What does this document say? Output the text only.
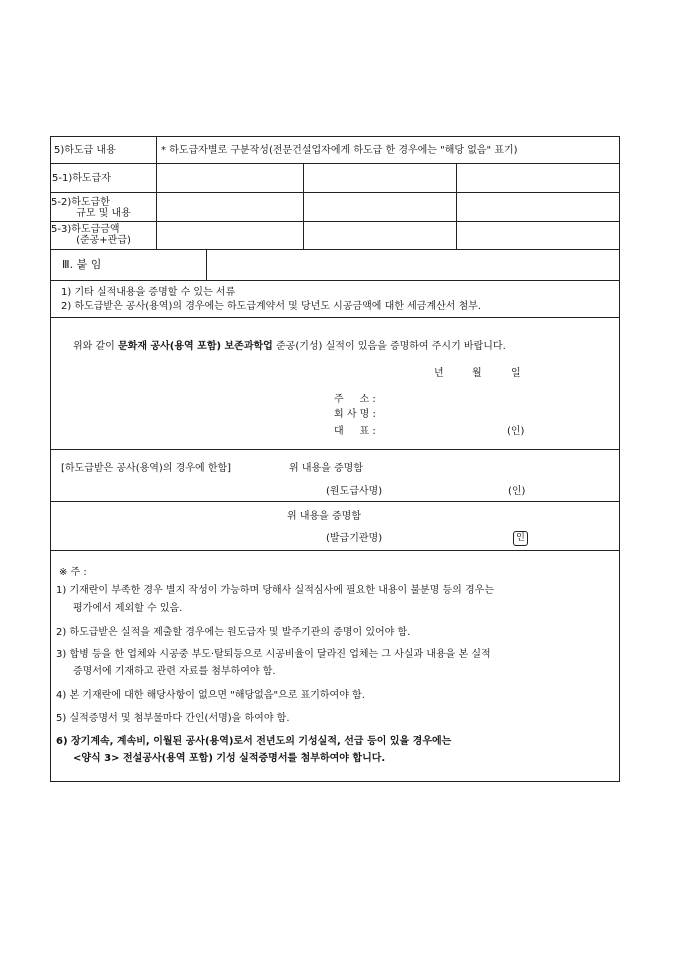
5)하도급 내용	* 하도급자별로 구분작성(전문건설업자에게 하도급 한 경우에는 "해당 없음" 표기)
5-1)하도급자
5-2)하도급한
규모 및 내용
5-3)하도급금액
(준공+관급)
Ⅲ. 붙 임
1) 기타 실적내용을 증명할 수 있는 서류
2) 하도급받은 공사(용역)의 경우에는 하도급계약서 및 당년도 시공금액에 대한 세금계산서 첨부.
위와 같이 문화재 공사(용역 포함) 보존과학업 준공(기성) 실적이 있음을 증명하여 주시기 바랍니다.
년	월	일
주     소 :
회 사 명 :
대     표 :	(인)
[하도급받은 공사(용역)의 경우에 한함]	위 내용을 증명함
(원도급사명)	(인)
위 내용을 증명함
(발급기관명)	인
※ 주 :
1) 기재란이 부족한 경우 별지 작성이 가능하며 당해사 실적심사에 필요한 내용이 불분명 등의 경우는
평가에서 제외할 수 있음.
2) 하도급받은 실적을 제출할 경우에는 원도급자 및 발주기관의 증명이 있어야 함.
3) 합병 등을 한 업체와 시공중 부도·탈퇴등으로 시공비율이 달라진 업체는 그 사실과 내용을 본 실적
증명서에 기재하고 관련 자료를 첨부하여야 함.
4) 본 기재란에 대한 해당사항이 없으면 "해당없음"으로 표기하여야 함.
5) 실적증명서 및 첨부물마다 간인(서명)을 하여야 함.
6) 장기계속, 계속비, 이월된 공사(용역)로서 전년도의 기성실적, 선급 등이 있을 경우에는
<양식 3> 전설공사(용역 포함) 기성 실적증명서를 첨부하여야 합니다.
